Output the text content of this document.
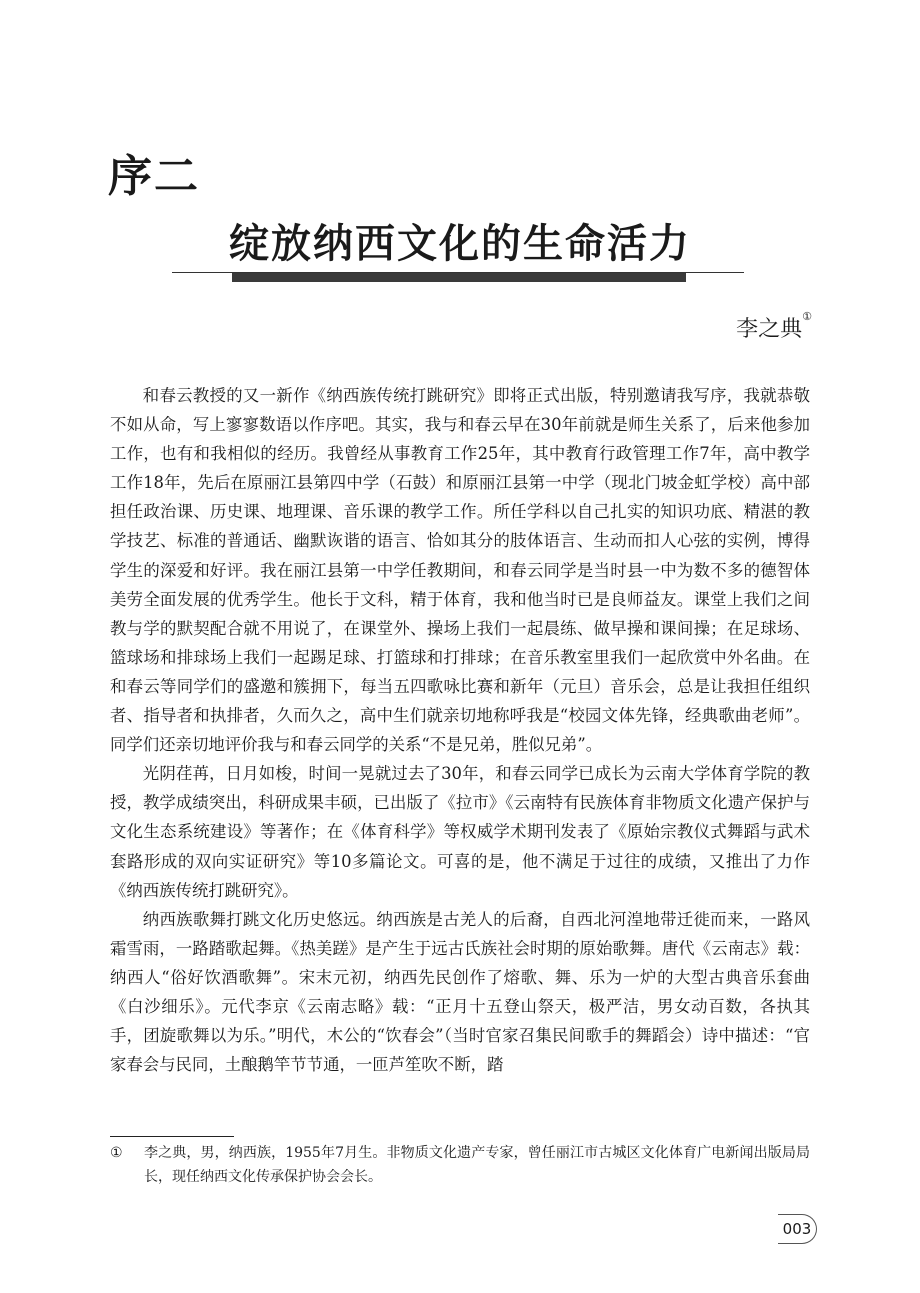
序二
绽放纳西文化的生命活力
李之典①

和春云教授的又一新作《纳西族传统打跳研究》即将正式出版，特别邀请我写序，我就恭敬不如从命，写上寥寥数语以作序吧。其实，我与和春云早在30年前就是师生关系了，后来他参加工作，也有和我相似的经历。我曾经从事教育工作25年，其中教育行政管理工作7年，高中教学工作18年，先后在原丽江县第四中学（石鼓）和原丽江县第一中学（现北门坡金虹学校）高中部担任政治课、历史课、地理课、音乐课的教学工作。所任学科以自己扎实的知识功底、精湛的教学技艺、标准的普通话、幽默诙谐的语言、恰如其分的肢体语言、生动而扣人心弦的实例，博得学生的深爱和好评。我在丽江县第一中学任教期间，和春云同学是当时县一中为数不多的德智体美劳全面发展的优秀学生。他长于文科，精于体育，我和他当时已是良师益友。课堂上我们之间教与学的默契配合就不用说了，在课堂外、操场上我们一起晨练、做早操和课间操；在足球场、篮球场和排球场上我们一起踢足球、打篮球和打排球；在音乐教室里我们一起欣赏中外名曲。在和春云等同学们的盛邀和簇拥下，每当五四歌咏比赛和新年（元旦）音乐会，总是让我担任组织者、指导者和执排者，久而久之，高中生们就亲切地称呼我是“校园文体先锋，经典歌曲老师”。同学们还亲切地评价我与和春云同学的关系“不是兄弟，胜似兄弟”。

光阴荏苒，日月如梭，时间一晃就过去了30年，和春云同学已成长为云南大学体育学院的教授，教学成绩突出，科研成果丰硕，已出版了《拉市》《云南特有民族体育非物质文化遗产保护与文化生态系统建设》等著作；在《体育科学》等权威学术期刊发表了《原始宗教仪式舞蹈与武术套路形成的双向实证研究》等10多篇论文。可喜的是，他不满足于过往的成绩，又推出了力作《纳西族传统打跳研究》。

纳西族歌舞打跳文化历史悠远。纳西族是古羌人的后裔，自西北河湟地带迁徙而来，一路风霜雪雨，一路踏歌起舞。《热美蹉》是产生于远古氏族社会时期的原始歌舞。唐代《云南志》载：纳西人“俗好饮酒歌舞”。宋末元初，纳西先民创作了熔歌、舞、乐为一炉的大型古典音乐套曲《白沙细乐》。元代李京《云南志略》载：“正月十五登山祭天，极严洁，男女动百数，各执其手，团旋歌舞以为乐。”明代，木公的“饮春会”（当时官家召集民间歌手的舞蹈会）诗中描述：“官家春会与民同，土酿鹅竿节节通，一匝芦笙吹不断，踏

①	李之典，男，纳西族，1955年7月生。非物质文化遗产专家，曾任丽江市古城区文化体育广电新闻出版局局长，现任纳西文化传承保护协会会长。
003
